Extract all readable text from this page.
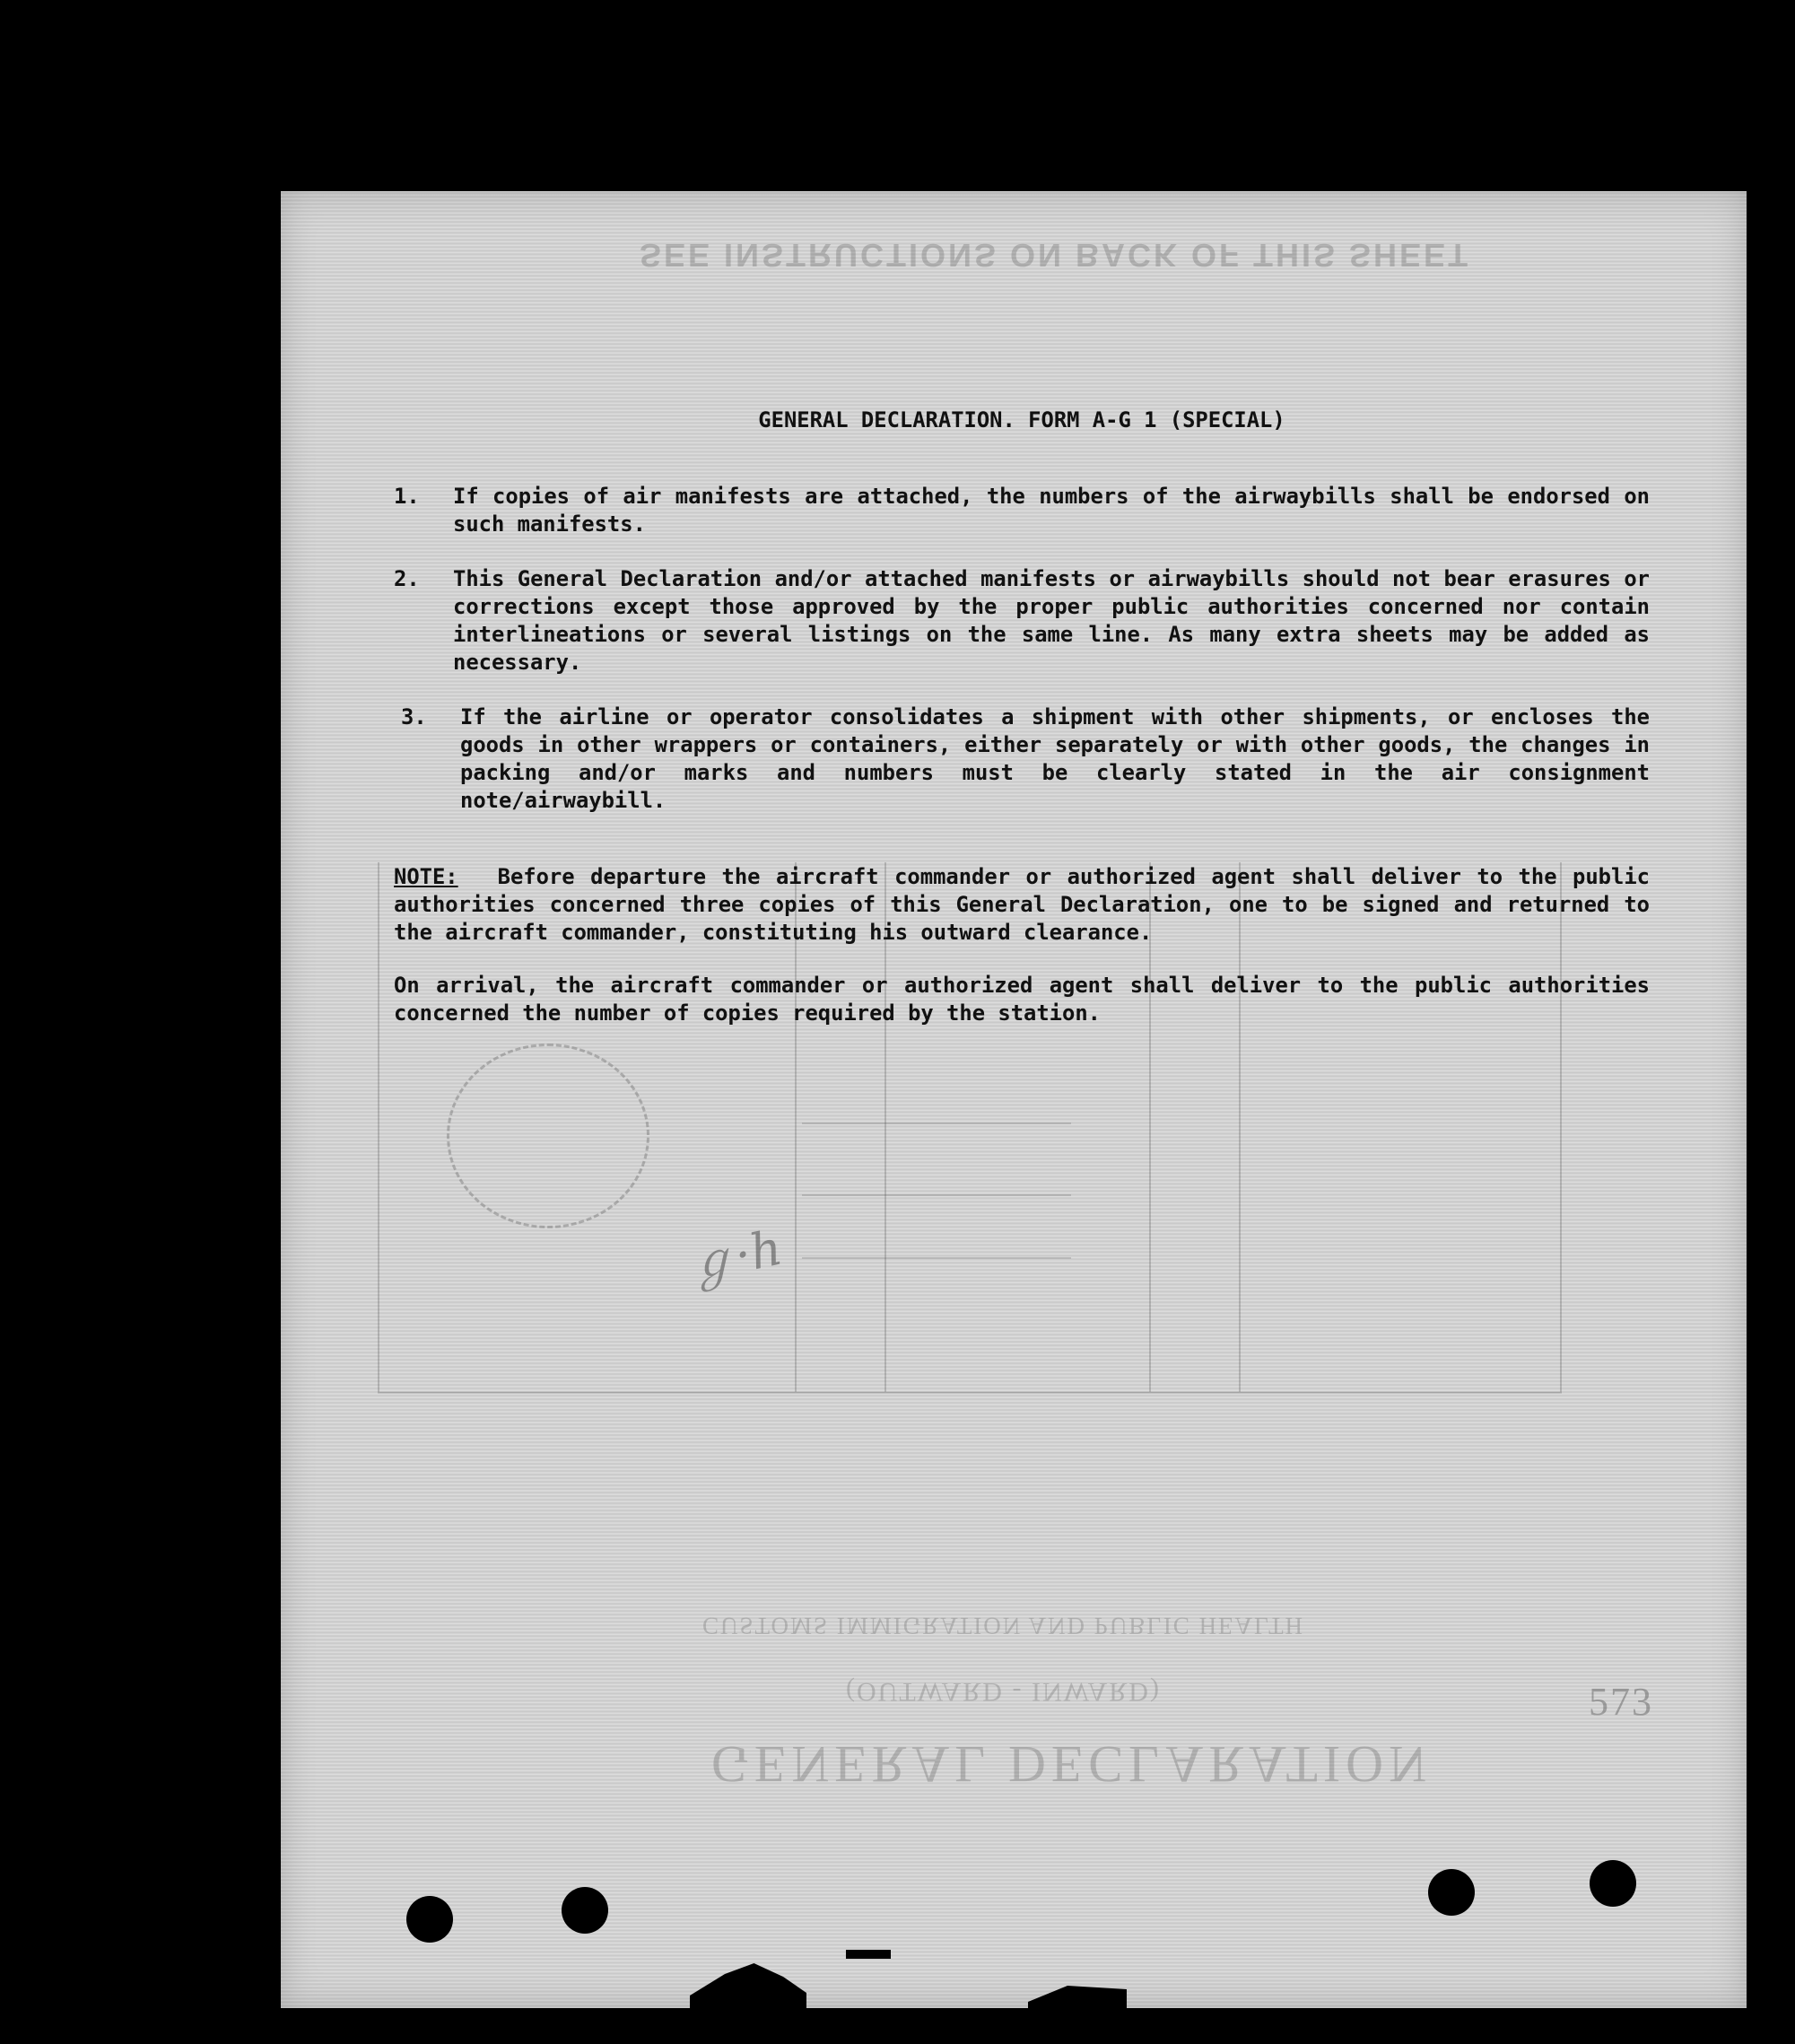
SEE INSTRUCTIONS ON BACK OF THIS SHEET
CUSTOMS IMMIGRATION AND PUBLIC HEALTH
(OUTWARD - INWARD)
GENERAL DECLARATION
573
ℊ·h
GENERAL DECLARATION. FORM A-G 1 (SPECIAL)
1.	If copies of air manifests are attached, the numbers of the airwaybills shall be endorsed on such manifests.
2.	This General Declaration and/or attached manifests or airwaybills should not bear erasures or corrections except those approved by the proper public authorities concerned nor contain interlineations or several listings on the same line. As many extra sheets may be added as necessary.
3.	If the airline or operator consolidates a shipment with other shipments, or encloses the goods in other wrappers or containers, either separately or with other goods, the changes in packing and/or marks and numbers must be clearly stated in the air consignment note/airwaybill.
NOTE: Before departure the aircraft commander or authorized agent shall deliver to the public authorities concerned three copies of this General Declaration, one to be signed and returned to the aircraft commander, constituting his outward clearance.
On arrival, the aircraft commander or authorized agent shall deliver to the public authorities concerned the number of copies required by the station.
